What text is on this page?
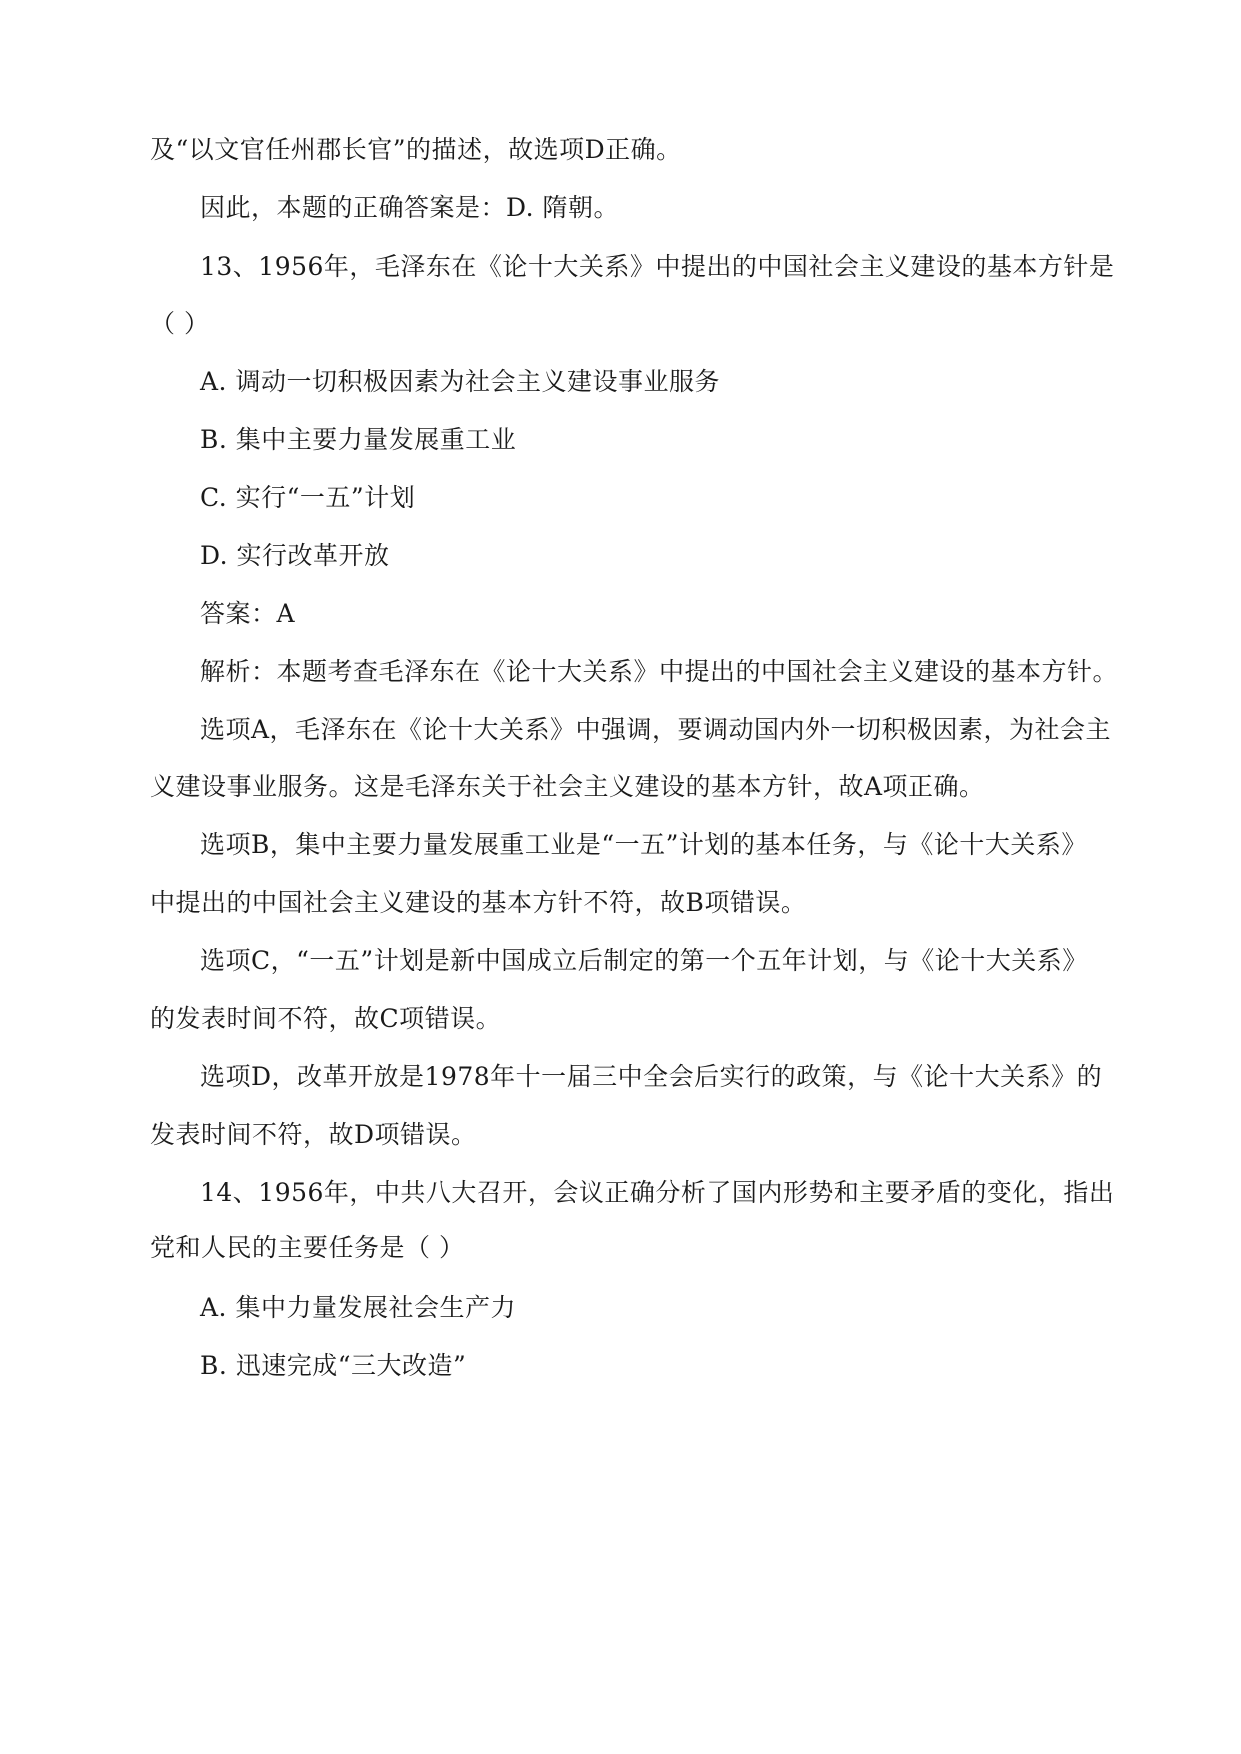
及“以文官任州郡长官”的描述，故选项D正确。

因此，本题的正确答案是：D. 隋朝。

13、1956年，毛泽东在《论十大关系》中提出的中国社会主义建设的基本方针是

（ ）

A. 调动一切积极因素为社会主义建设事业服务

B. 集中主要力量发展重工业

C. 实行“一五”计划

D. 实行改革开放

答案：A

解析：本题考查毛泽东在《论十大关系》中提出的中国社会主义建设的基本方针。

选项A，毛泽东在《论十大关系》中强调，要调动国内外一切积极因素，为社会主

义建设事业服务。这是毛泽东关于社会主义建设的基本方针，故A项正确。

选项B，集中主要力量发展重工业是“一五”计划的基本任务，与《论十大关系》

中提出的中国社会主义建设的基本方针不符，故B项错误。

选项C，“一五”计划是新中国成立后制定的第一个五年计划，与《论十大关系》

的发表时间不符，故C项错误。

选项D，改革开放是1978年十一届三中全会后实行的政策，与《论十大关系》的

发表时间不符，故D项错误。

14、1956年，中共八大召开，会议正确分析了国内形势和主要矛盾的变化，指出

党和人民的主要任务是（ ）

A. 集中力量发展社会生产力

B. 迅速完成“三大改造”
